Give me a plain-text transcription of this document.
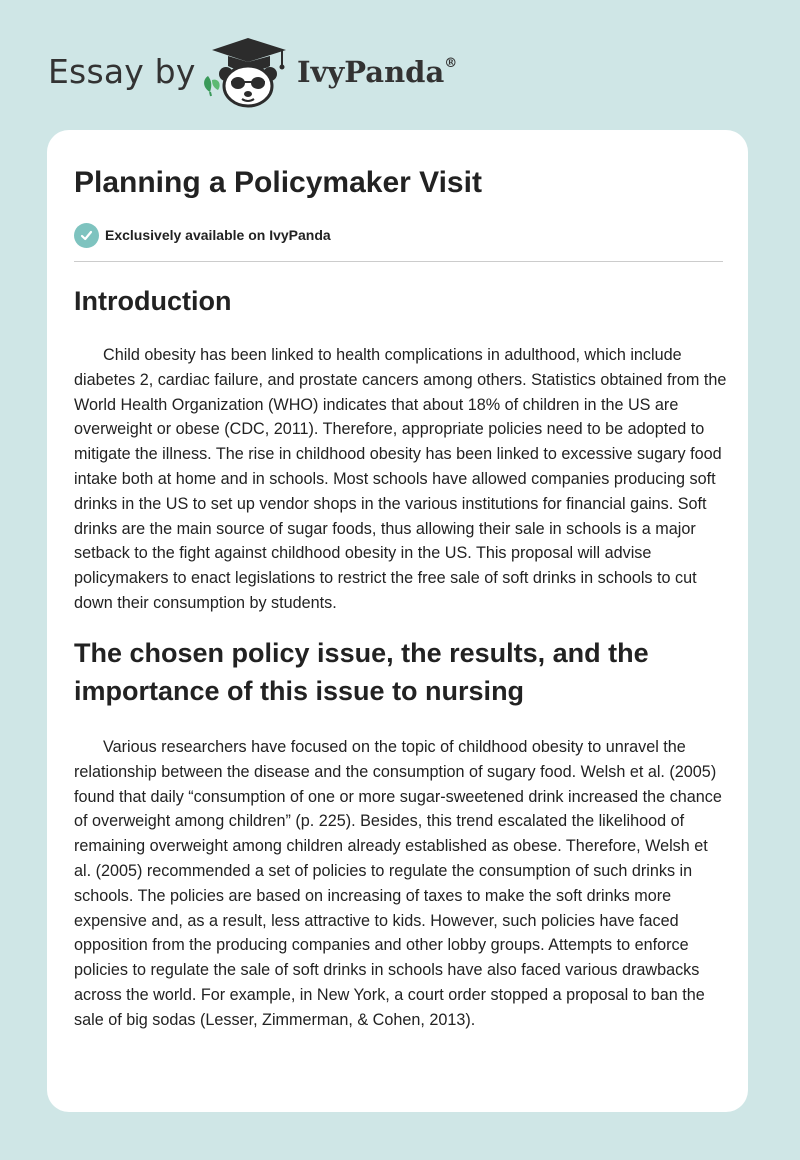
Essay by	IvyPanda®
Planning a Policymaker Visit
Exclusively available on IvyPanda
Introduction

Child obesity has been linked to health complications in adulthood, which include diabetes 2, cardiac failure, and prostate cancers among others. Statistics obtained from the World Health Organization (WHO) indicates that about 18% of children in the US are overweight or obese (CDC, 2011). Therefore, appropriate policies need to be adopted to mitigate the illness. The rise in childhood obesity has been linked to excessive sugary food intake both at home and in schools. Most schools have allowed companies producing soft drinks in the US to set up vendor shops in the various institutions for financial gains. Soft drinks are the main source of sugar foods, thus allowing their sale in schools is a major setback to the fight against childhood obesity in the US. This proposal will advise policymakers to enact legislations to restrict the free sale of soft drinks in schools to cut down their consumption by students.

The chosen policy issue, the results, and the importance of this issue to nursing

Various researchers have focused on the topic of childhood obesity to unravel the relationship between the disease and the consumption of sugary food. Welsh et al. (2005) found that daily “consumption of one or more sugar-sweetened drink increased the chance of overweight among children” (p. 225). Besides, this trend escalated the likelihood of remaining overweight among children already established as obese. Therefore, Welsh et al. (2005) recommended a set of policies to regulate the consumption of such drinks in schools. The policies are based on increasing of taxes to make the soft drinks more expensive and, as a result, less attractive to kids. However, such policies have faced opposition from the producing companies and other lobby groups. Attempts to enforce policies to regulate the sale of soft drinks in schools have also faced various drawbacks across the world. For example, in New York, a court order stopped a proposal to ban the sale of big sodas (Lesser, Zimmerman, & Cohen, 2013).
